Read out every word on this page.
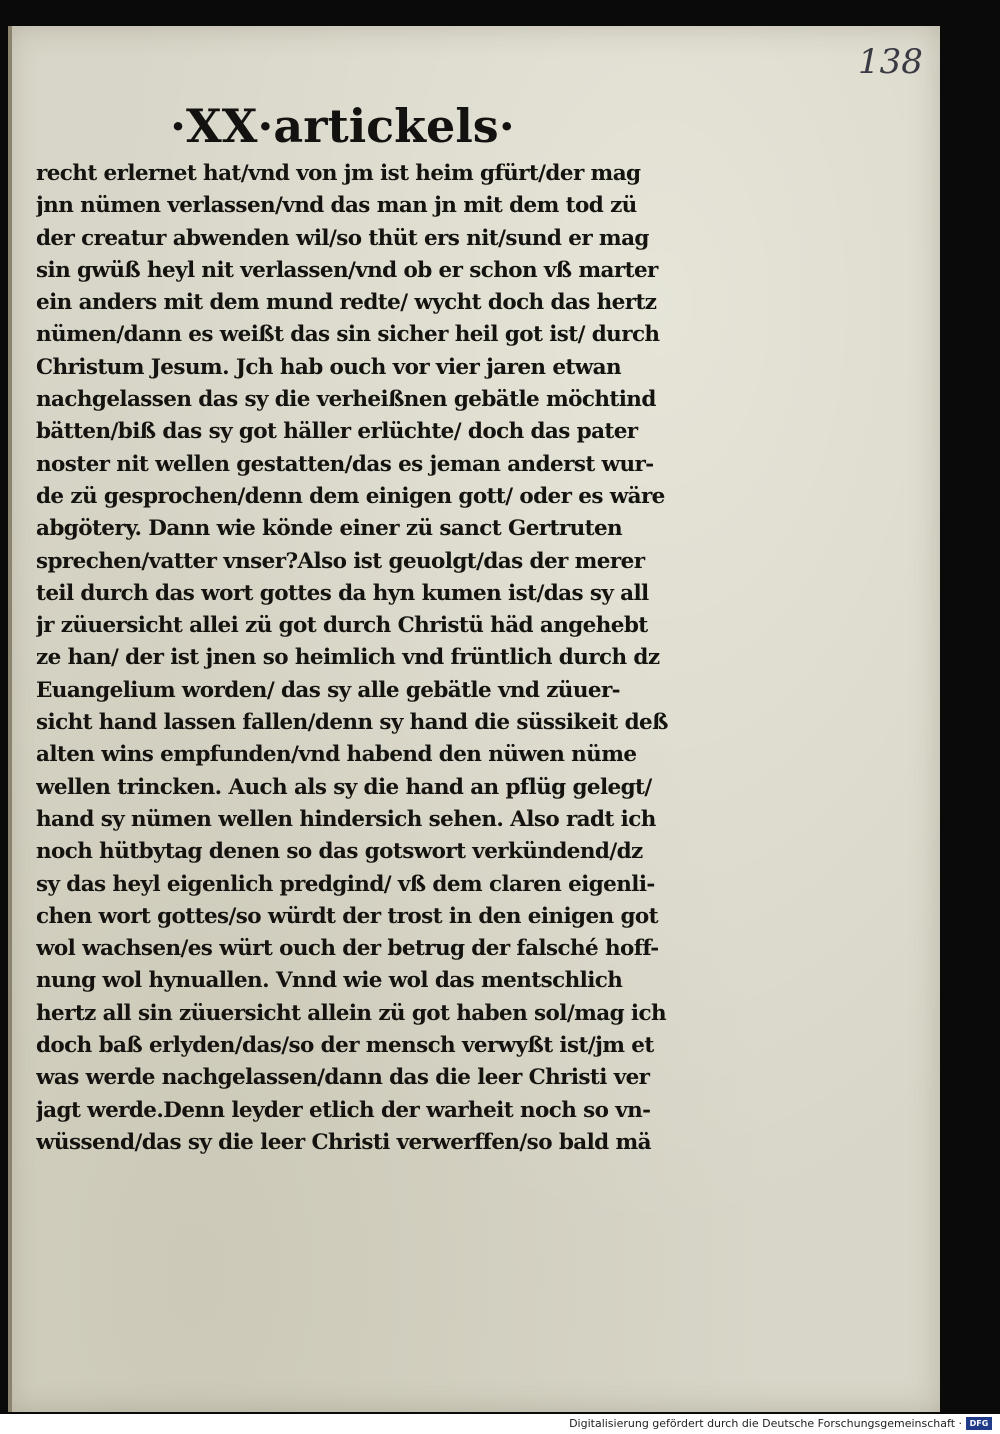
138
·XX·artickels·
recht erlernet hat/vnd von jm ist heim gfürt/der mag
jnn nümen verlassen/vnd das man jn mit dem tod zü
der creatur abwenden wil/so thüt ers nit/sund er mag
sin gwüß heyl nit verlassen/vnd ob er schon vß marter
ein anders mit dem mund redte/ wycht doch das hertz
nümen/dann es weißt das sin sicher heil got ist/ durch
Christum Jesum. Jch hab ouch vor vier jaren etwan
nachgelassen das sy die verheißnen gebätle möchtind
bätten/biß das sy got häller erlüchte/ doch das pater
noster nit wellen gestatten/das es jeman anderst wur-
de zü gesprochen/denn dem einigen gott/ oder es wäre
abgötery. Dann wie könde einer zü sanct Gertruten
sprechen/vatter vnser?Also ist geuolgt/das der merer
teil durch das wort gottes da hyn kumen ist/das sy all
jr züuersicht allei zü got durch Christü häd angehebt
ze han/ der ist jnen so heimlich vnd früntlich durch dz
Euangelium worden/ das sy alle gebätle vnd züuer-
sicht hand lassen fallen/denn sy hand die süssikeit deß
alten wins empfunden/vnd habend den nüwen nüme
wellen trincken. Auch als sy die hand an pflüg gelegt/
hand sy nümen wellen hindersich sehen. Also radt ich
noch hütbytag denen so das gotswort verkündend/dz
sy das heyl eigenlich predgind/ vß dem claren eigenli-
chen wort gottes/so würdt der trost in den einigen got
wol wachsen/es würt ouch der betrug der falsché hoff-
nung wol hynuallen. Vnnd wie wol das mentschlich
hertz all sin züuersicht allein zü got haben sol/mag ich
doch baß erlyden/das/so der mensch verwyßt ist/jm et
was werde nachgelassen/dann das die leer Christi ver
jagt werde.Denn leyder etlich der warheit noch so vn-
wüssend/das sy die leer Christi verwerffen/so bald mä
Digitalisierung gefördert durch die Deutsche Forschungsgemeinschaft · DFG
